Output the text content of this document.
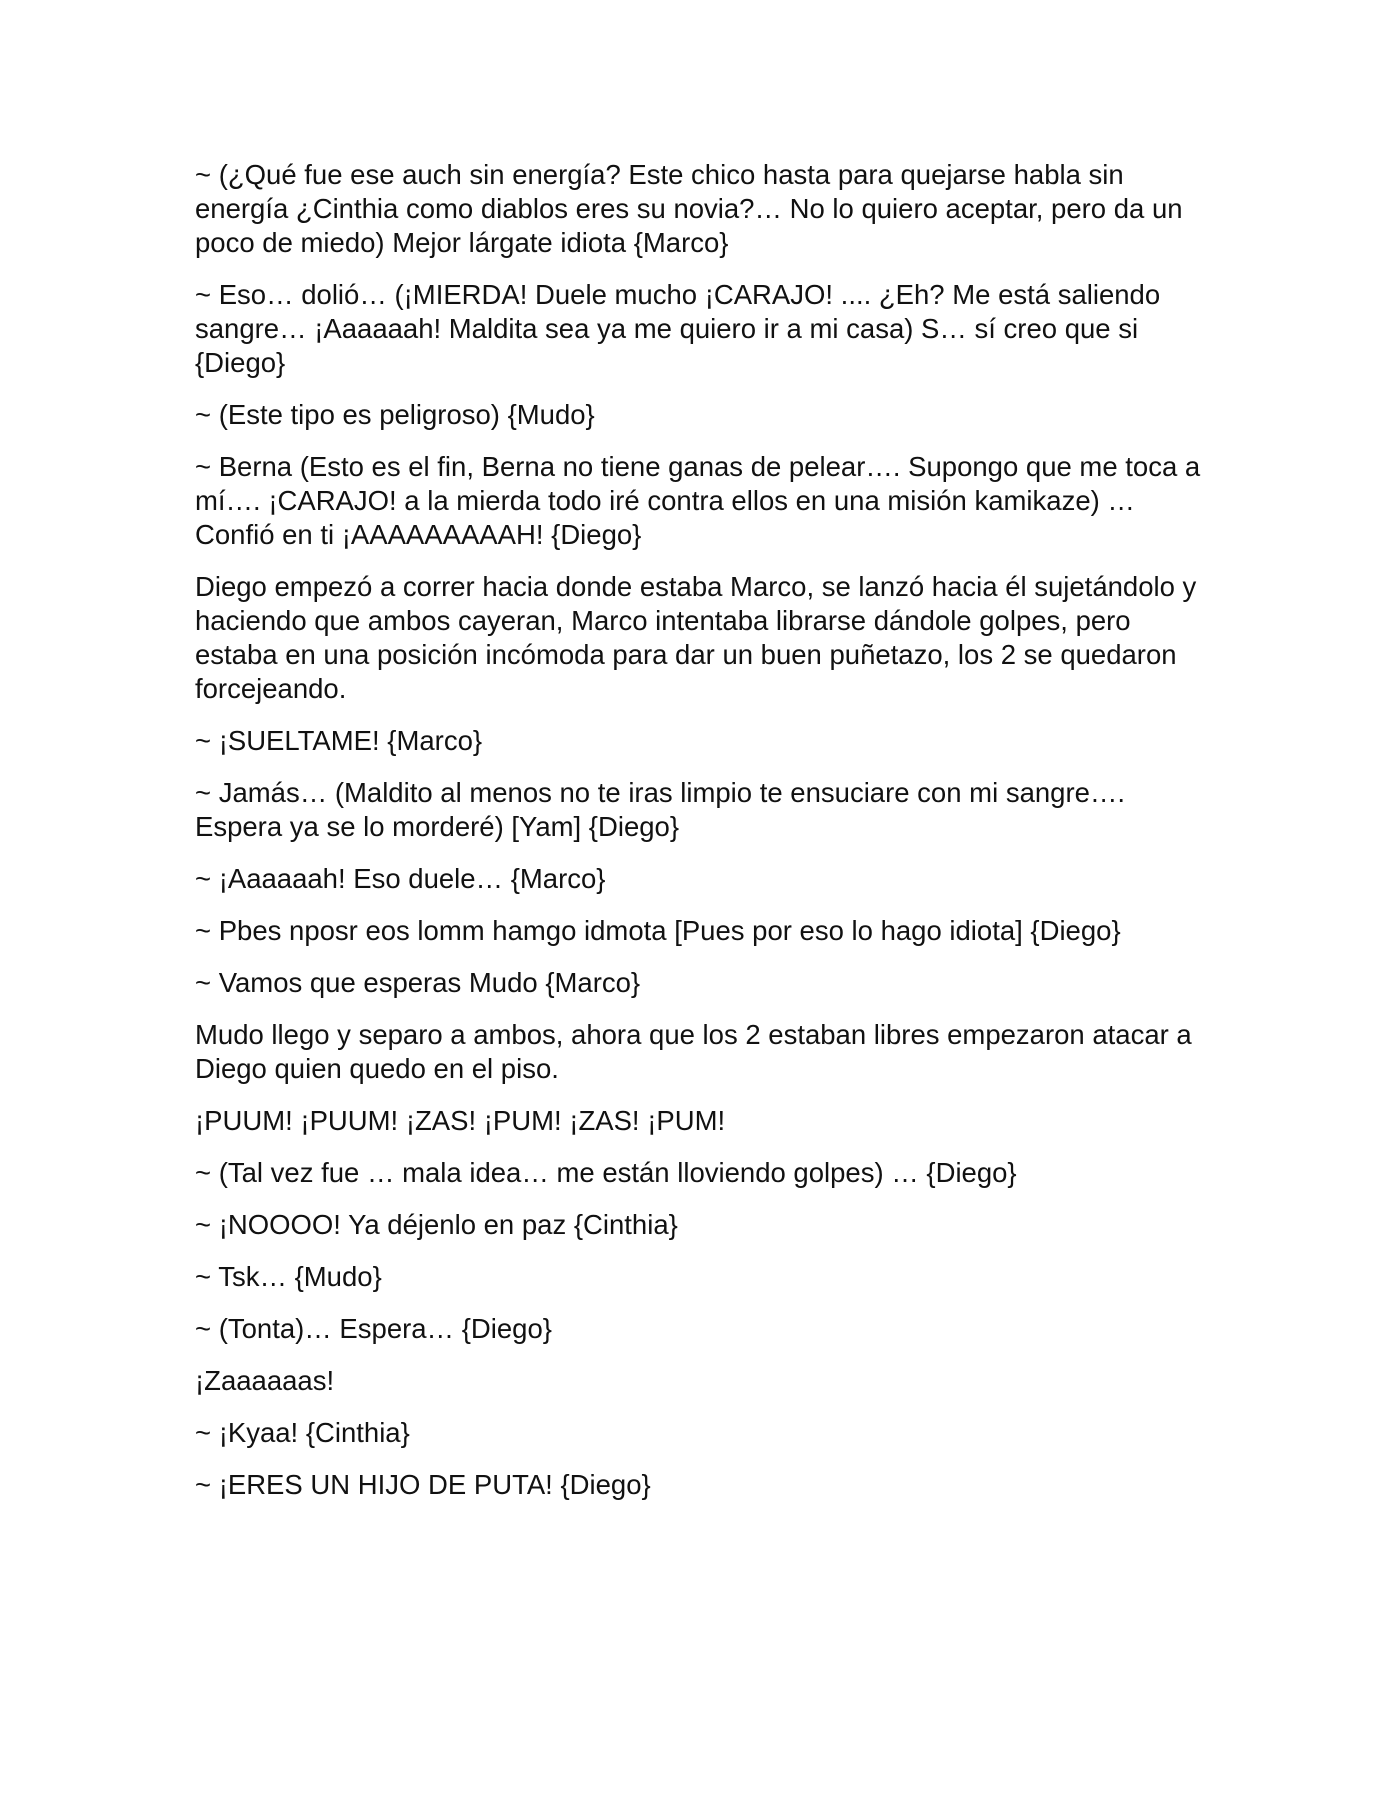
~ (¿Qué fue ese auch sin energía? Este chico hasta para quejarse habla sin energía ¿Cinthia como diablos eres su novia?… No lo quiero aceptar, pero da un poco de miedo) Mejor lárgate idiota {Marco}

~ Eso… dolió… (¡MIERDA! Duele mucho ¡CARAJO! .... ¿Eh? Me está saliendo sangre… ¡Aaaaaah! Maldita sea ya me quiero ir a mi casa) S… sí creo que si {Diego}

~ (Este tipo es peligroso) {Mudo}

~ Berna (Esto es el fin, Berna no tiene ganas de pelear…. Supongo que me toca a mí…. ¡CARAJO! a la mierda todo iré contra ellos en una misión kamikaze) … Confió en ti ¡AAAAAAAAAH! {Diego}

Diego empezó a correr hacia donde estaba Marco, se lanzó hacia él sujetándolo y haciendo que ambos cayeran, Marco intentaba librarse dándole golpes, pero estaba en una posición incómoda para dar un buen puñetazo, los 2 se quedaron forcejeando.

~ ¡SUELTAME! {Marco}

~ Jamás… (Maldito al menos no te iras limpio te ensuciare con mi sangre…. Espera ya se lo morderé) [Yam] {Diego}

~ ¡Aaaaaah! Eso duele… {Marco}

~ Pbes nposr eos lomm hamgo idmota [Pues por eso lo hago idiota] {Diego}

~ Vamos que esperas Mudo {Marco}

Mudo llego y separo a ambos, ahora que los 2 estaban libres empezaron atacar a Diego quien quedo en el piso.

¡PUUM! ¡PUUM! ¡ZAS! ¡PUM! ¡ZAS! ¡PUM!

~ (Tal vez fue … mala idea… me están lloviendo golpes) … {Diego}

~ ¡NOOOO! Ya déjenlo en paz {Cinthia}

~ Tsk… {Mudo}

~ (Tonta)… Espera… {Diego}

¡Zaaaaaas!

~ ¡Kyaa! {Cinthia}

~ ¡ERES UN HIJO DE PUTA! {Diego}
